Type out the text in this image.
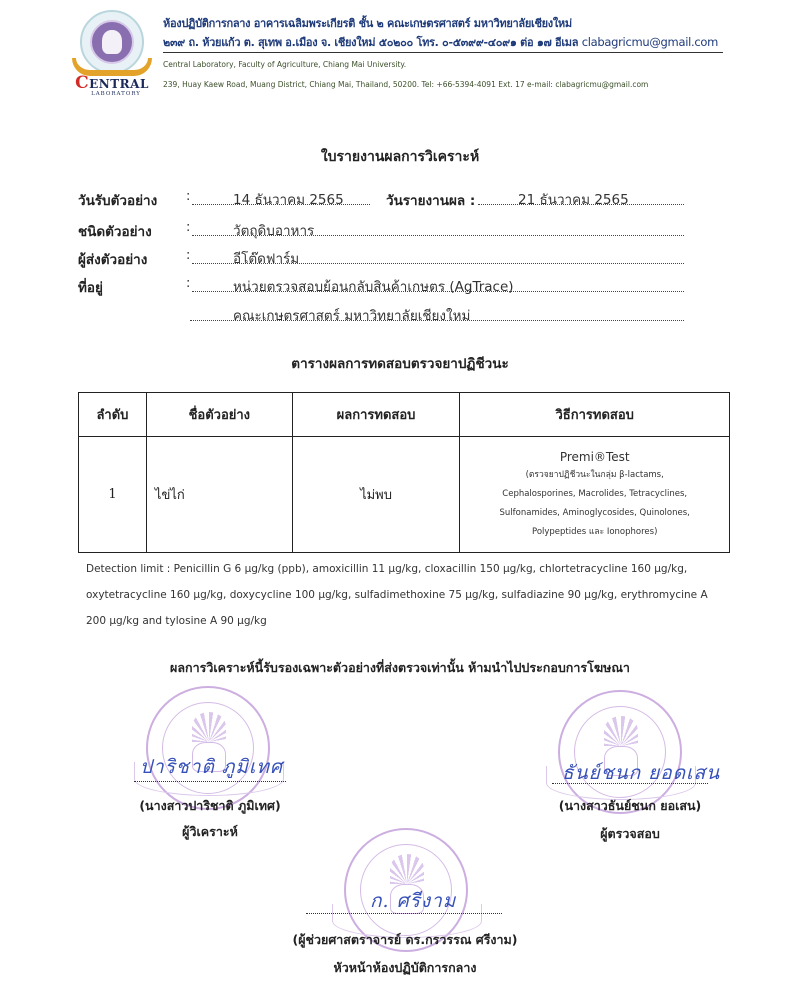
CENTRAL
LABORATORY
ห้องปฏิบัติการกลาง อาคารเฉลิมพระเกียรติ ชั้น ๒ คณะเกษตรศาสตร์ มหาวิทยาลัยเชียงใหม่
๒๓๙ ถ. ห้วยแก้ว ต. สุเทพ อ.เมือง จ. เชียงใหม่ ๕๐๒๐๐ โทร. ๐-๕๓๙๙-๔๐๙๑ ต่อ ๑๗ อีเมล clabagricmu@gmail.com
Central Laboratory, Faculty of Agriculture, Chiang Mai University.
239, Huay Kaew Road, Muang District, Chiang Mai, Thailand, 50200. Tel: +66-5394-4091 Ext. 17 e-mail: clabagricmu@gmail.com
ใบรายงานผลการวิเคราะห์
วันรับตัวอย่าง :	14 ธันวาคม 2565	วันรายงานผล :	21 ธันวาคม 2565
ชนิดตัวอย่าง	:	วัตถุดิบอาหาร
ผู้ส่งตัวอย่าง	:	อีโต๊ดฟาร์ม
ที่อยู่	:	หน่วยตรวจสอบย้อนกลับสินค้าเกษตร (AgTrace)
คณะเกษตรศาสตร์ มหาวิทยาลัยเชียงใหม่
ตารางผลการทดสอบตรวจยาปฏิชีวนะ
ลำดับ	ชื่อตัวอย่าง	ผลการทดสอบ	วิธีการทดสอบ
1	ไข่ไก่	ไม่พบ	Premi®Test
(ตรวจยาปฏิชีวนะในกลุ่ม β-lactams,
Cephalosporines, Macrolides, Tetracyclines,
Sulfonamides, Aminoglycosides, Quinolones,
Polypeptides และ Ionophores)
Detection limit : Penicillin G 6 µg/kg (ppb), amoxicillin 11 µg/kg, cloxacillin 150 µg/kg, chlortetracycline 160 µg/kg, oxytetracycline 160 µg/kg, doxycycline 100 µg/kg, sulfadimethoxine 75 µg/kg, sulfadiazine 90 µg/kg, erythromycine A 200 µg/kg and tylosine A 90 µg/kg
ผลการวิเคราะห์นี้รับรองเฉพาะตัวอย่างที่ส่งตรวจเท่านั้น ห้ามนำไปประกอบการโฆษณา
ปาริชาติ ภูมิเทศ
(นางสาวปาริชาติ ภูมิเทศ)
ผู้วิเคราะห์
ธันย์ชนก ยอดเสน
(นางสาวธันย์ชนก ยอเสน)
ผู้ตรวจสอบ
ก. ศรีงาม
(ผู้ช่วยศาสตราจารย์ ดร.กรวรรณ ศรีงาม)
หัวหน้าห้องปฏิบัติการกลาง
